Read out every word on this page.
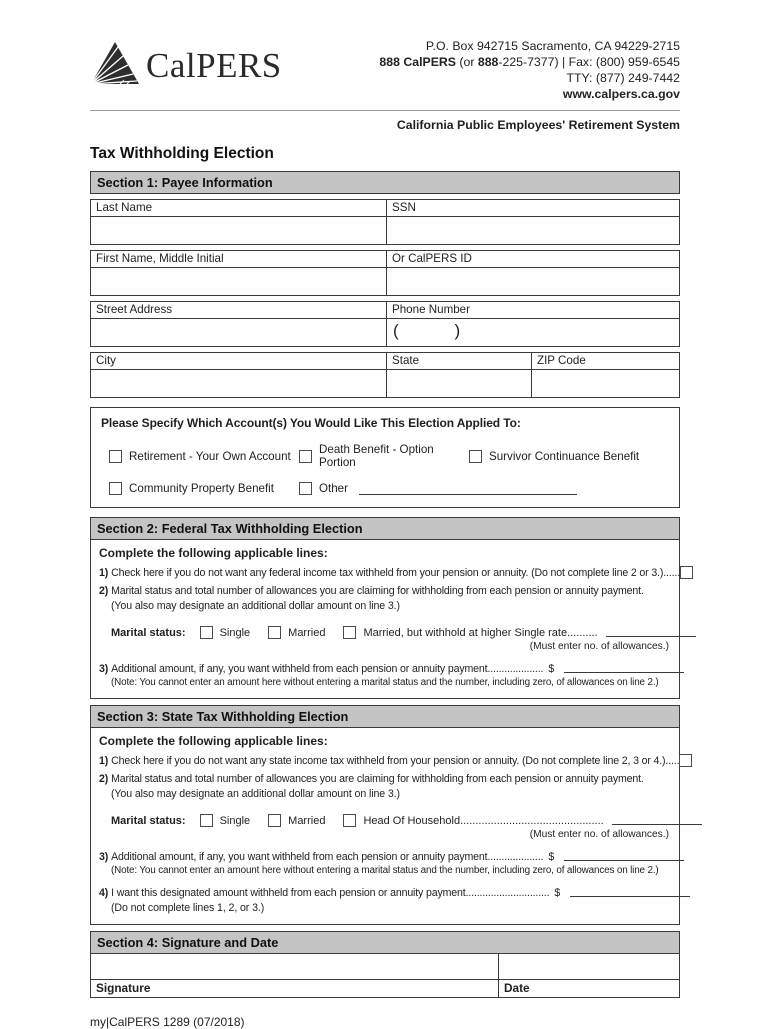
CalPERS	P.O. Box 942715 Sacramento, CA 94229-2715
888 CalPERS (or 888-225-7377) | Fax: (800) 959-6545
TTY: (877) 249-7442
www.calpers.ca.gov
California Public Employees' Retirement System
Tax Withholding Election
Section 1: Payee Information
Last Name	SSN
First Name, Middle Initial	Or CalPERS ID
Street Address	Phone Number
(        )
City	State	ZIP Code
Please Specify Which Account(s) You Would Like This Election Applied To:
Retirement - Your Own Account Death Benefit - Option Portion	Survivor Continuance Benefit
Community Property Benefit	Other
Section 2: Federal Tax Withholding Election
Complete the following applicable lines:
1) Check here if you do not want any federal income tax withheld from your pension or annuity. (Do not complete line 2 or 3.)......
2) Marital status and total number of allowances you are claiming for withholding from each pension or annuity payment.
(You also may designate an additional dollar amount on line 3.)
Marital status:	Single	Married	Married, but withhold at higher Single rate..........
(Must enter no. of allowances.)
3) Additional amount, if any, you want withheld from each pension or annuity payment.................... $
(Note: You cannot enter an amount here without entering a marital status and the number, including zero, of allowances on line 2.)
Section 3: State Tax Withholding Election
Complete the following applicable lines:
1) Check here if you do not want any state income tax withheld from your pension or annuity. (Do not complete line 2, 3 or 4.).....
2) Marital status and total number of allowances you are claiming for withholding from each pension or annuity payment.
(You also may designate an additional dollar amount on line 3.)
Marital status:	Single	Married	Head Of Household...............................................
(Must enter no. of allowances.)
3) Additional amount, if any, you want withheld from each pension or annuity payment.................... $
(Note: You cannot enter an amount here without entering a marital status and the number, including zero, of allowances on line 2.)
4) I want this designated amount withheld from each pension or annuity payment.............................. $
(Do not complete lines 1, 2, or 3.)
Section 4: Signature and Date
Signature	Date
my|CalPERS 1289 (07/2018)
